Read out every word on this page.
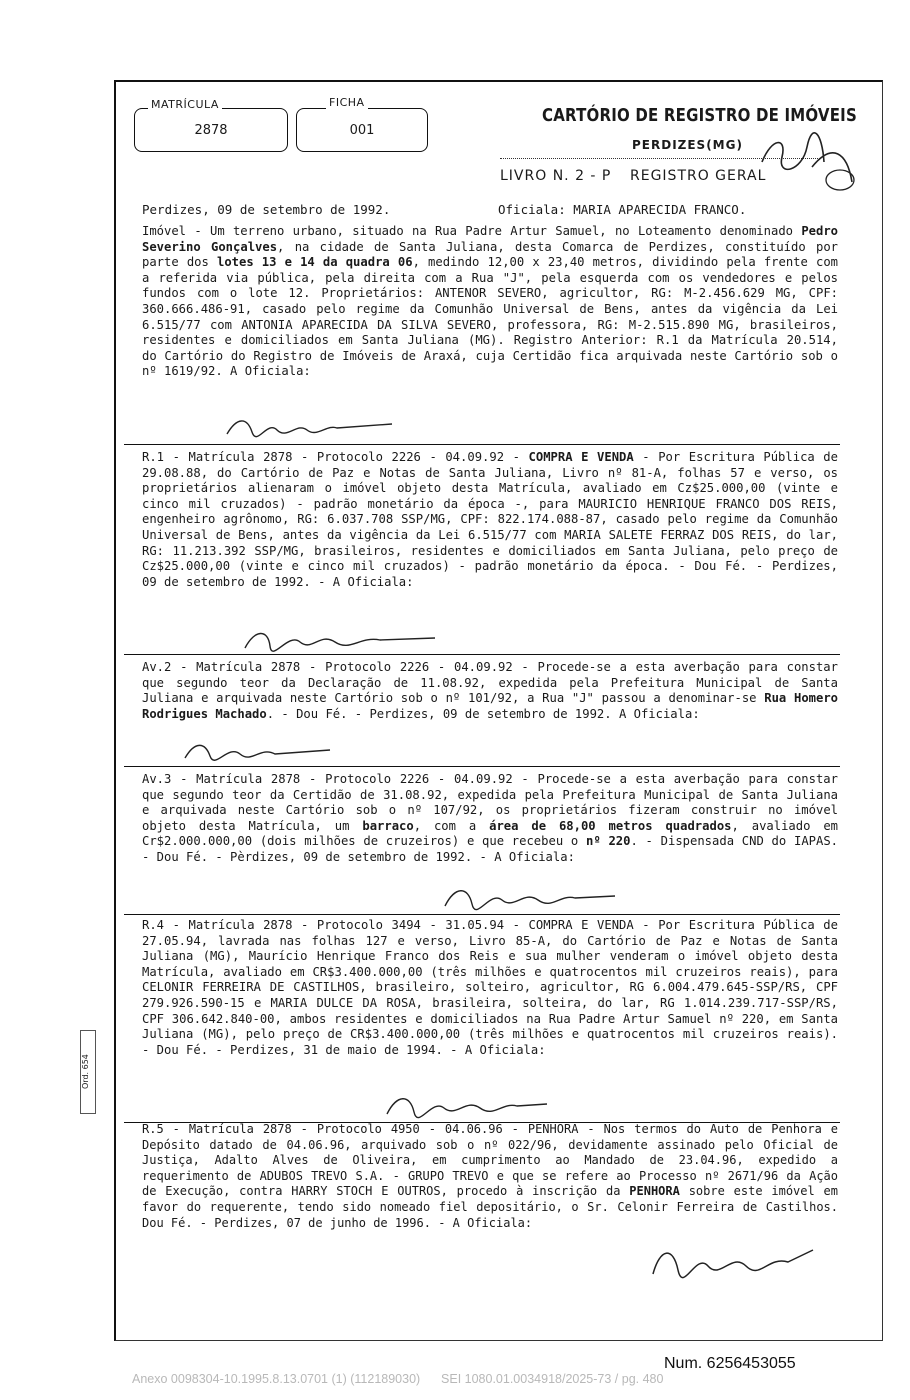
2878
MATRÍCULA
001
FICHA
CARTÓRIO DE REGISTRO DE IMÓVEIS
PERDIZES(MG)
LIVRO N. 2 - P REGISTRO GERAL
Perdizes, 09 de setembro de 1992.	Oficiala: MARIA APARECIDA FRANCO.
Imóvel - Um terreno urbano, situado na Rua Padre Artur Samuel, no Loteamento denominado Pedro Severino Gonçalves, na cidade de Santa Juliana, desta Comarca de Perdizes, constituído por parte dos lotes 13 e 14 da quadra 06, medindo 12,00 x 23,40 metros, dividindo pela frente com a referida via pública, pela direita com a Rua "J", pela esquerda com os vendedores e pelos fundos com o lote 12. Proprietários: ANTENOR SEVERO, agricultor, RG: M-2.456.629 MG, CPF: 360.666.486-91, casado pelo regime da Comunhão Universal de Bens, antes da vigência da Lei 6.515/77 com ANTONIA APARECIDA DA SILVA SEVERO, professora, RG: M-2.515.890 MG, brasileiros, residentes e domiciliados em Santa Juliana (MG). Registro Anterior: R.1 da Matrícula 20.514, do Cartório do Registro de Imóveis de Araxá, cuja Certidão fica arquivada neste Cartório sob o nº 1619/92. A Oficiala:
R.1 - Matrícula 2878 - Protocolo 2226 - 04.09.92 - COMPRA E VENDA - Por Escritura Pública de 29.08.88, do Cartório de Paz e Notas de Santa Juliana, Livro nº 81-A, folhas 57 e verso, os proprietários alienaram o imóvel objeto desta Matrícula, avaliado em Cz$25.000,00 (vinte e cinco mil cruzados) - padrão monetário da época -, para MAURICIO HENRIQUE FRANCO DOS REIS, engenheiro agrônomo, RG: 6.037.708 SSP/MG, CPF: 822.174.088-87, casado pelo regime da Comunhão Universal de Bens, antes da vigência da Lei 6.515/77 com MARIA SALETE FERRAZ DOS REIS, do lar, RG: 11.213.392 SSP/MG, brasileiros, residentes e domiciliados em Santa Juliana, pelo preço de Cz$25.000,00 (vinte e cinco mil cruzados) - padrão monetário da época. - Dou Fé. - Perdizes, 09 de setembro de 1992. - A Oficiala:
Av.2 - Matrícula 2878 - Protocolo 2226 - 04.09.92 - Procede-se a esta averbação para constar que segundo teor da Declaração de 11.08.92, expedida pela Prefeitura Municipal de Santa Juliana e arquivada neste Cartório sob o nº 101/92, a Rua "J" passou a denominar-se Rua Homero Rodrigues Machado. - Dou Fé. - Perdizes, 09 de setembro de 1992. A Oficiala:
Av.3 - Matrícula 2878 - Protocolo 2226 - 04.09.92 - Procede-se a esta averbação para constar que segundo teor da Certidão de 31.08.92, expedida pela Prefeitura Municipal de Santa Juliana e arquivada neste Cartório sob o nº 107/92, os proprietários fizeram construir no imóvel objeto desta Matrícula, um barraco, com a área de 68,00 metros quadrados, avaliado em Cr$2.000.000,00 (dois milhões de cruzeiros) e que recebeu o nº 220. - Dispensada CND do IAPAS. - Dou Fé. - Pèrdizes, 09 de setembro de 1992. - A Oficiala:
R.4 - Matrícula 2878 - Protocolo 3494 - 31.05.94 - COMPRA E VENDA - Por Escritura Pública de 27.05.94, lavrada nas folhas 127 e verso, Livro 85-A, do Cartório de Paz e Notas de Santa Juliana (MG), Maurício Henrique Franco dos Reis e sua mulher venderam o imóvel objeto desta Matrícula, avaliado em CR$3.400.000,00 (três milhões e quatrocentos mil cruzeiros reais), para CELONIR FERREIRA DE CASTILHOS, brasileiro, solteiro, agricultor, RG 6.004.479.645-SSP/RS, CPF 279.926.590-15 e MARIA DULCE DA ROSA, brasileira, solteira, do lar, RG 1.014.239.717-SSP/RS, CPF 306.642.840-00, ambos residentes e domiciliados na Rua Padre Artur Samuel nº 220, em Santa Juliana (MG), pelo preço de CR$3.400.000,00 (três milhões e quatrocentos mil cruzeiros reais). - Dou Fé. - Perdizes, 31 de maio de 1994. - A Oficiala:
R.5 - Matrícula 2878 - Protocolo 4950 - 04.06.96 - PENHORA - Nos termos do Auto de Penhora e Depósito datado de 04.06.96, arquivado sob o nº 022/96, devidamente assinado pelo Oficial de Justiça, Adalto Alves de Oliveira, em cumprimento ao Mandado de 23.04.96, expedido a requerimento de ADUBOS TREVO S.A. - GRUPO TREVO e que se refere ao Processo nº 2671/96 da Ação de Execução, contra HARRY STOCH E OUTROS, procedo à inscrição da PENHORA sobre este imóvel em favor do requerente, tendo sido nomeado fiel depositário, o Sr. Celonir Ferreira de Castilhos. Dou Fé. - Perdizes, 07 de junho de 1996. - A Oficiala:
Ord. 654
Num. 6256453055
Anexo 0098304-10.1995.8.13.0701 (1) (112189030)      SEI 1080.01.0034918/2025-73 / pg. 480
